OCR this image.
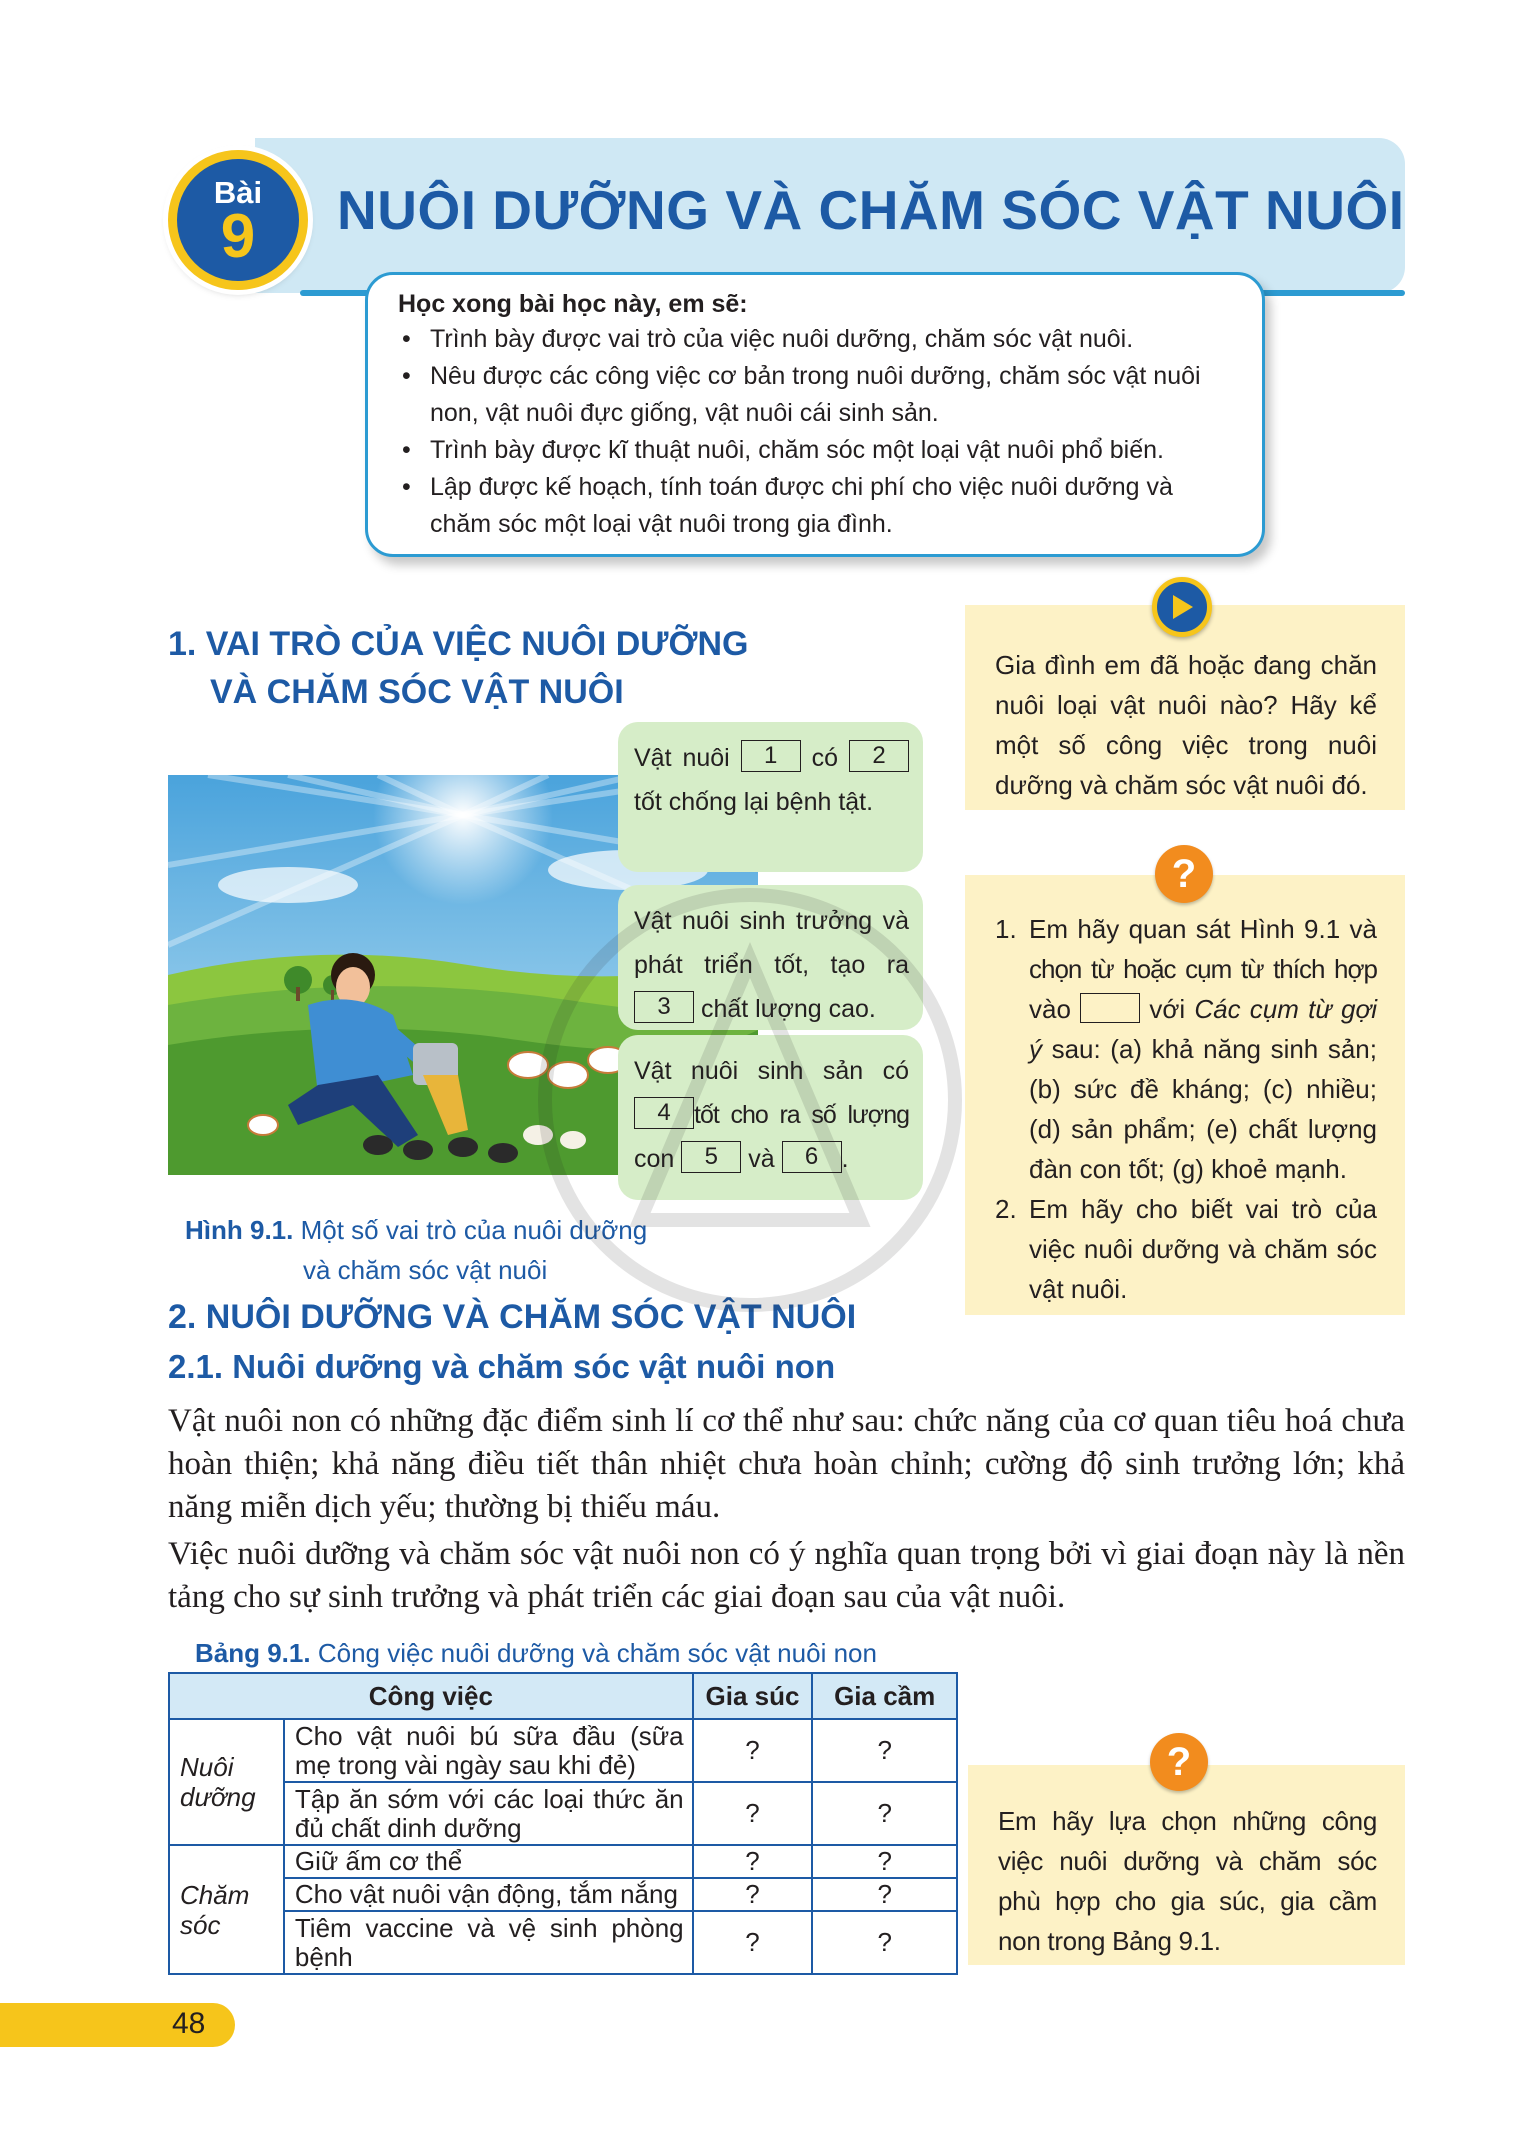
Bài
9 NUÔI DƯỠNG VÀ CHĂM SÓC VẬT NUÔI
Học xong bài học này, em sẽ:
• Trình bày được vai trò của việc nuôi dưỡng, chăm sóc vật nuôi.
• Nêu được các công việc cơ bản trong nuôi dưỡng, chăm sóc vật nuôi non, vật nuôi đực giống, vật nuôi cái sinh sản.
• Trình bày được kĩ thuật nuôi, chăm sóc một loại vật nuôi phổ biến.
• Lập được kế hoạch, tính toán được chi phí cho việc nuôi dưỡng và chăm sóc một loại vật nuôi trong gia đình.
1. VAI TRÒ CỦA VIỆC NUÔI DƯỠNG
VÀ CHĂM SÓC VẬT NUÔI
Vật nuôi 1 có 2 tốt chống lại bệnh tật.
Vật nuôi sinh trưởng và phát triển tốt, tạo ra 3 chất lượng cao.
Vật nuôi sinh sản có 4 tốt cho ra số lượng con 5 và 6 .
Hình 9.1. Một số vai trò của nuôi dưỡng
và chăm sóc vật nuôi
Gia đình em đã hoặc đang chăn nuôi loại vật nuôi nào? Hãy kể một số công việc trong nuôi dưỡng và chăm sóc vật nuôi đó.
1. Em hãy quan sát Hình 9.1 và chọn từ hoặc cụm từ thích hợp vào	với Các cụm từ gợi ý sau: (a) khả năng sinh sản; (b) sức đề kháng; (c) nhiều; (d) sản phẩm; (e) chất lượng đàn con tốt; (g) khoẻ mạnh.
2. Em hãy cho biết vai trò của việc nuôi dưỡng và chăm sóc vật nuôi.
?
2. NUÔI DƯỠNG VÀ CHĂM SÓC VẬT NUÔI
2.1. Nuôi dưỡng và chăm sóc vật nuôi non
Vật nuôi non có những đặc điểm sinh lí cơ thể như sau: chức năng của cơ quan tiêu hoá chưa hoàn thiện; khả năng điều tiết thân nhiệt chưa hoàn chỉnh; cường độ sinh trưởng lớn; khả năng miễn dịch yếu; thường bị thiếu máu.
Việc nuôi dưỡng và chăm sóc vật nuôi non có ý nghĩa quan trọng bởi vì giai đoạn này là nền tảng cho sự sinh trưởng và phát triển các giai đoạn sau của vật nuôi.
Bảng 9.1. Công việc nuôi dưỡng và chăm sóc vật nuôi non
Công việc		Gia súc	Gia cầm
Nuôi dưỡng	Cho vật nuôi bú sữa đầu (sữa mẹ trong vài ngày sau khi đẻ)	?	?
	Tập ăn sớm với các loại thức ăn đủ chất dinh dưỡng	?	?
Chăm sóc	Giữ ấm cơ thể	?	?
	Cho vật nuôi vận động, tắm nắng	?	?
	Tiêm vaccine và vệ sinh phòng bệnh	?	?
Em hãy lựa chọn những công việc nuôi dưỡng và chăm sóc phù hợp cho gia súc, gia cầm non trong Bảng 9.1.
?
48
